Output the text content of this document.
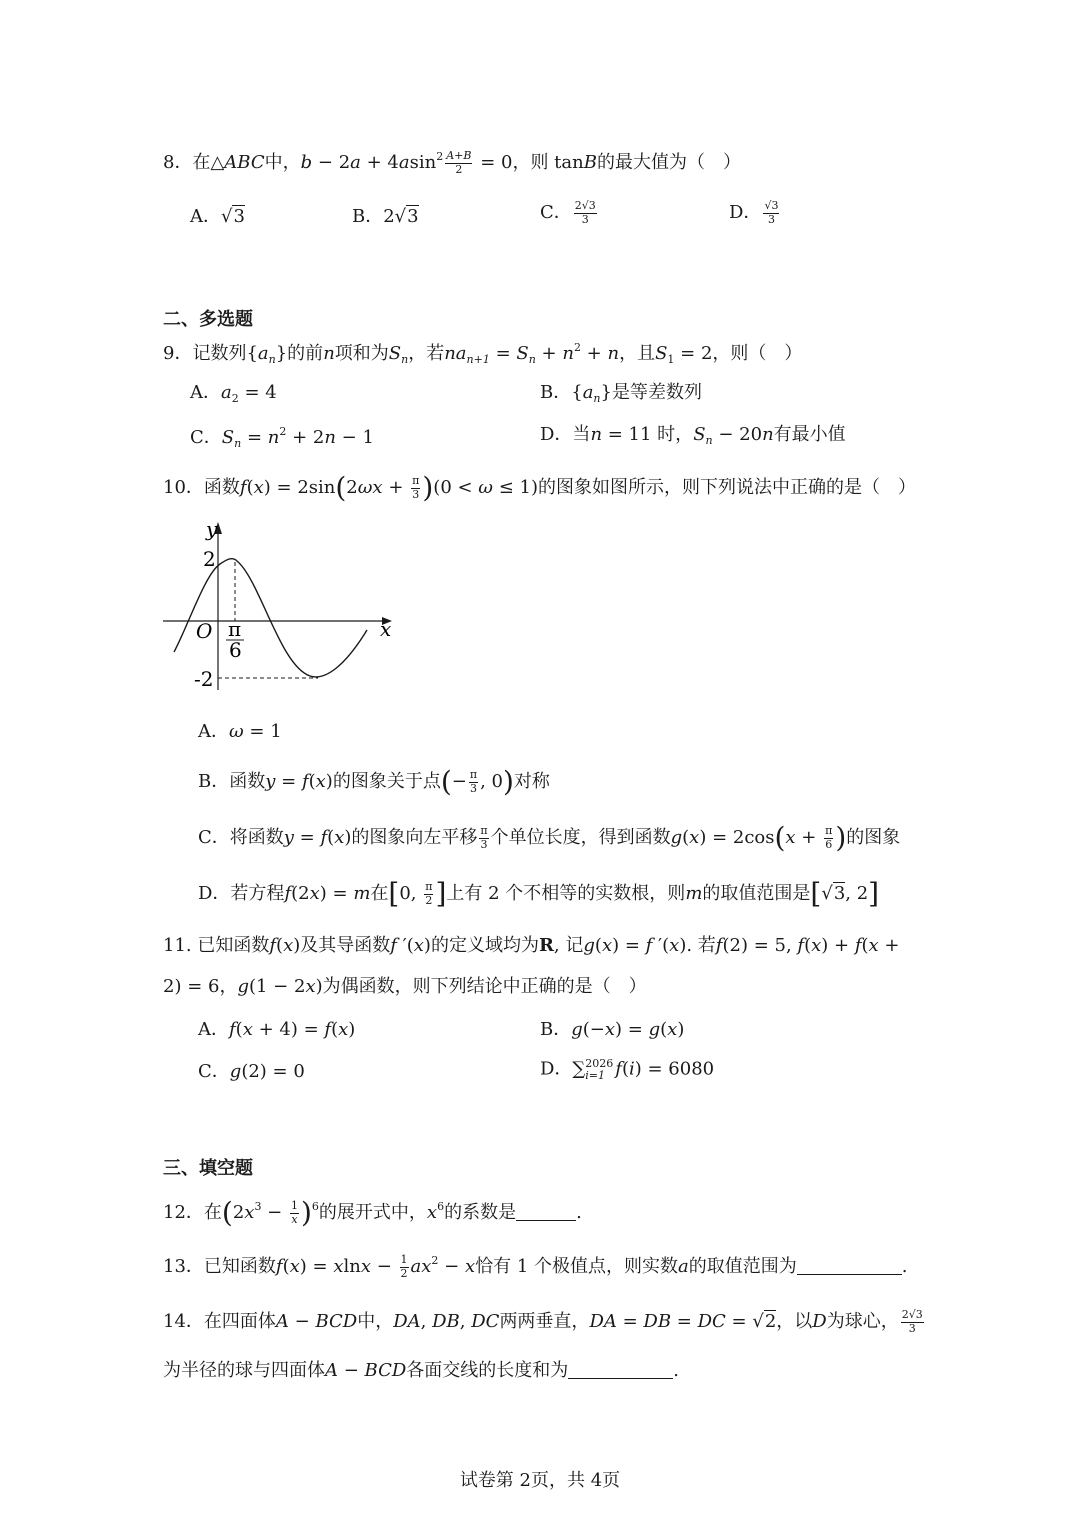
8．在△ABC中，$b - 2a + 4asin^2 \frac{A+B}{2} = 0$，则 tanB的最大值为（　）
A．√3	B．2√3	C． $\frac{2√3}{3}$	D． $\frac{√3}{3}$
二、多选题
9．记数列$\{a_n\}$的前n项和为$S_n$，若$na_{n+1} = S_n + n^2 + n$，且$S_1 = 2$，则（　）
A．$a_2 = 4$	B．$\{a_n\}$是等差数列
C．$S_n = n^2 + 2n - 1$	D．当n = 11 时，$S_n - 20n$有最小值
10．函数$f(x) = 2\sin(2\omega x + \frac{\pi}{3} )(0 < \omega \le 1)$的图象如图所示，则下列说法中正确的是（　）
y
x
O
2
-2
π
6
A．ω = 1
B．函数y = f(x)的图象关于点(− $\frac{\pi}{3}$ , 0)对称
C．将函数y = f(x)的图象向左平移 $\frac{\pi}{3}$ 个单位长度，得到函数$g(x) = 2\cos(x + \frac{\pi}{6}$ )的图象
D．若方程f(2x) = m在[0, $\frac{\pi}{2}$ ]上有 2 个不相等的实数根，则m的取值范围是[√3, 2]
11. 已知函数f(x)及其导函数f ′(x)的定义域均为R, 记g(x) = f ′(x). 若f(2) = 5, f(x) + f(x +
2) = 6，g(1 − 2x)为偶函数，则下列结论中正确的是（　）
A．f(x + 4) = f(x)	B．g(−x) = g(x)
C．g(2) = 0	D．∑ 2026
i=1 f(i) = 6080
三、填空题
12．在$(2x^3 - \frac{1}{x} )^6$的展开式中，$x^6$的系数是	.
13．已知函数$f(x) = xlnx - \frac{1}{2} ax^2 - x$恰有 1 个极值点，则实数a的取值范围为	.
14．在四面体A − BCD中，DA, DB, DC两两垂直，DA = DB = DC = √2，以D为球心， $\frac{2√3}{3}$
为半径的球与四面体A − BCD各面交线的长度和为	.
试卷第 2页，共 4页
